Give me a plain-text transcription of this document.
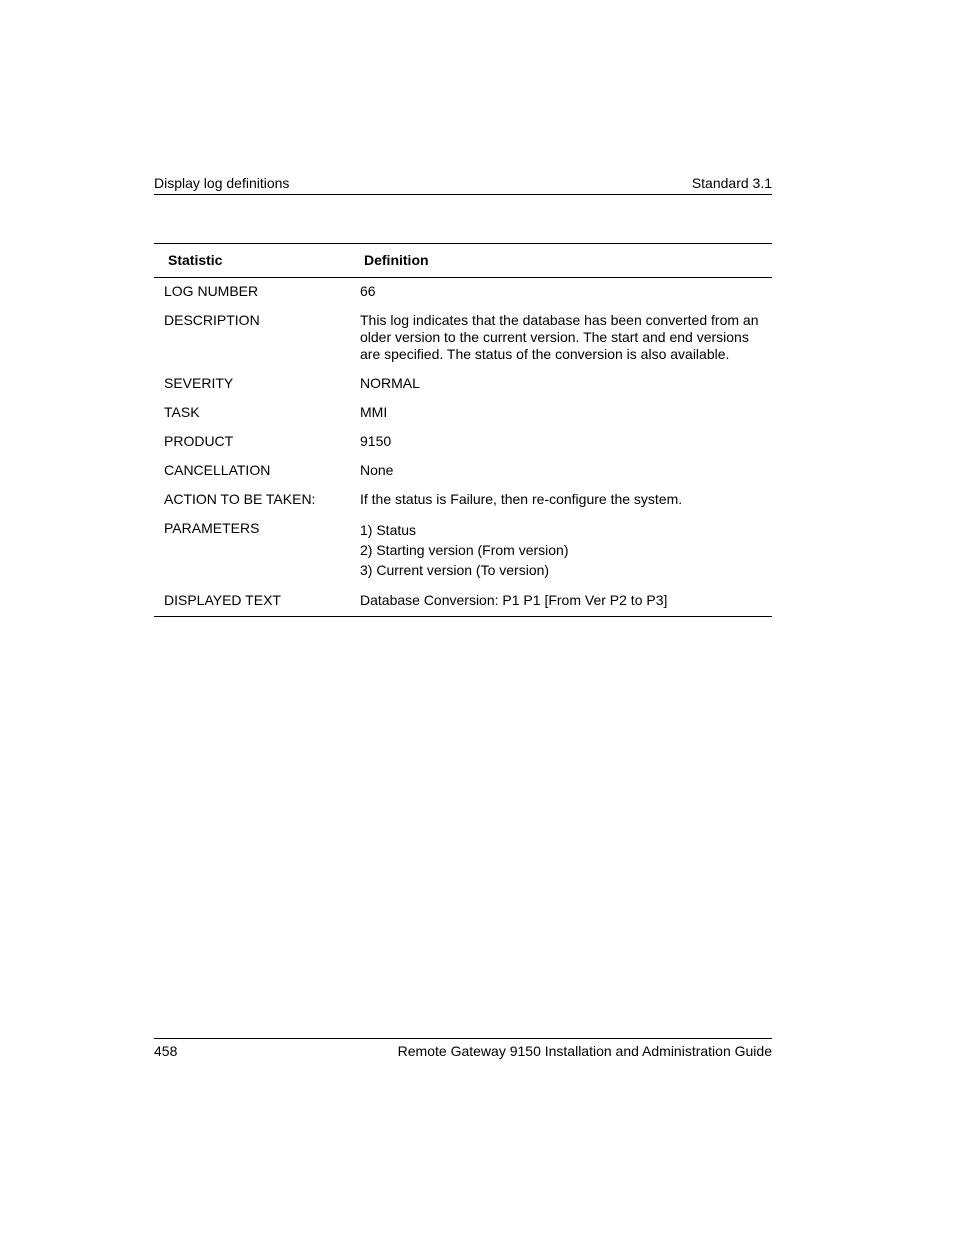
Display log definitions	Standard 3.1
Statistic	Definition
LOG NUMBER	66
DESCRIPTION	This log indicates that the database has been converted from an older version to the current version. The start and end versions are specified. The status of the conversion is also available.
SEVERITY	NORMAL
TASK	MMI
PRODUCT	9150
CANCELLATION	None
ACTION TO BE TAKEN:	If the status is Failure, then re-configure the system.
PARAMETERS	1) Status
2) Starting version (From version)
3) Current version (To version)

DISPLAYED TEXT	Database Conversion: P1 P1 [From Ver P2 to P3]
458	Remote Gateway 9150 Installation and Administration Guide
